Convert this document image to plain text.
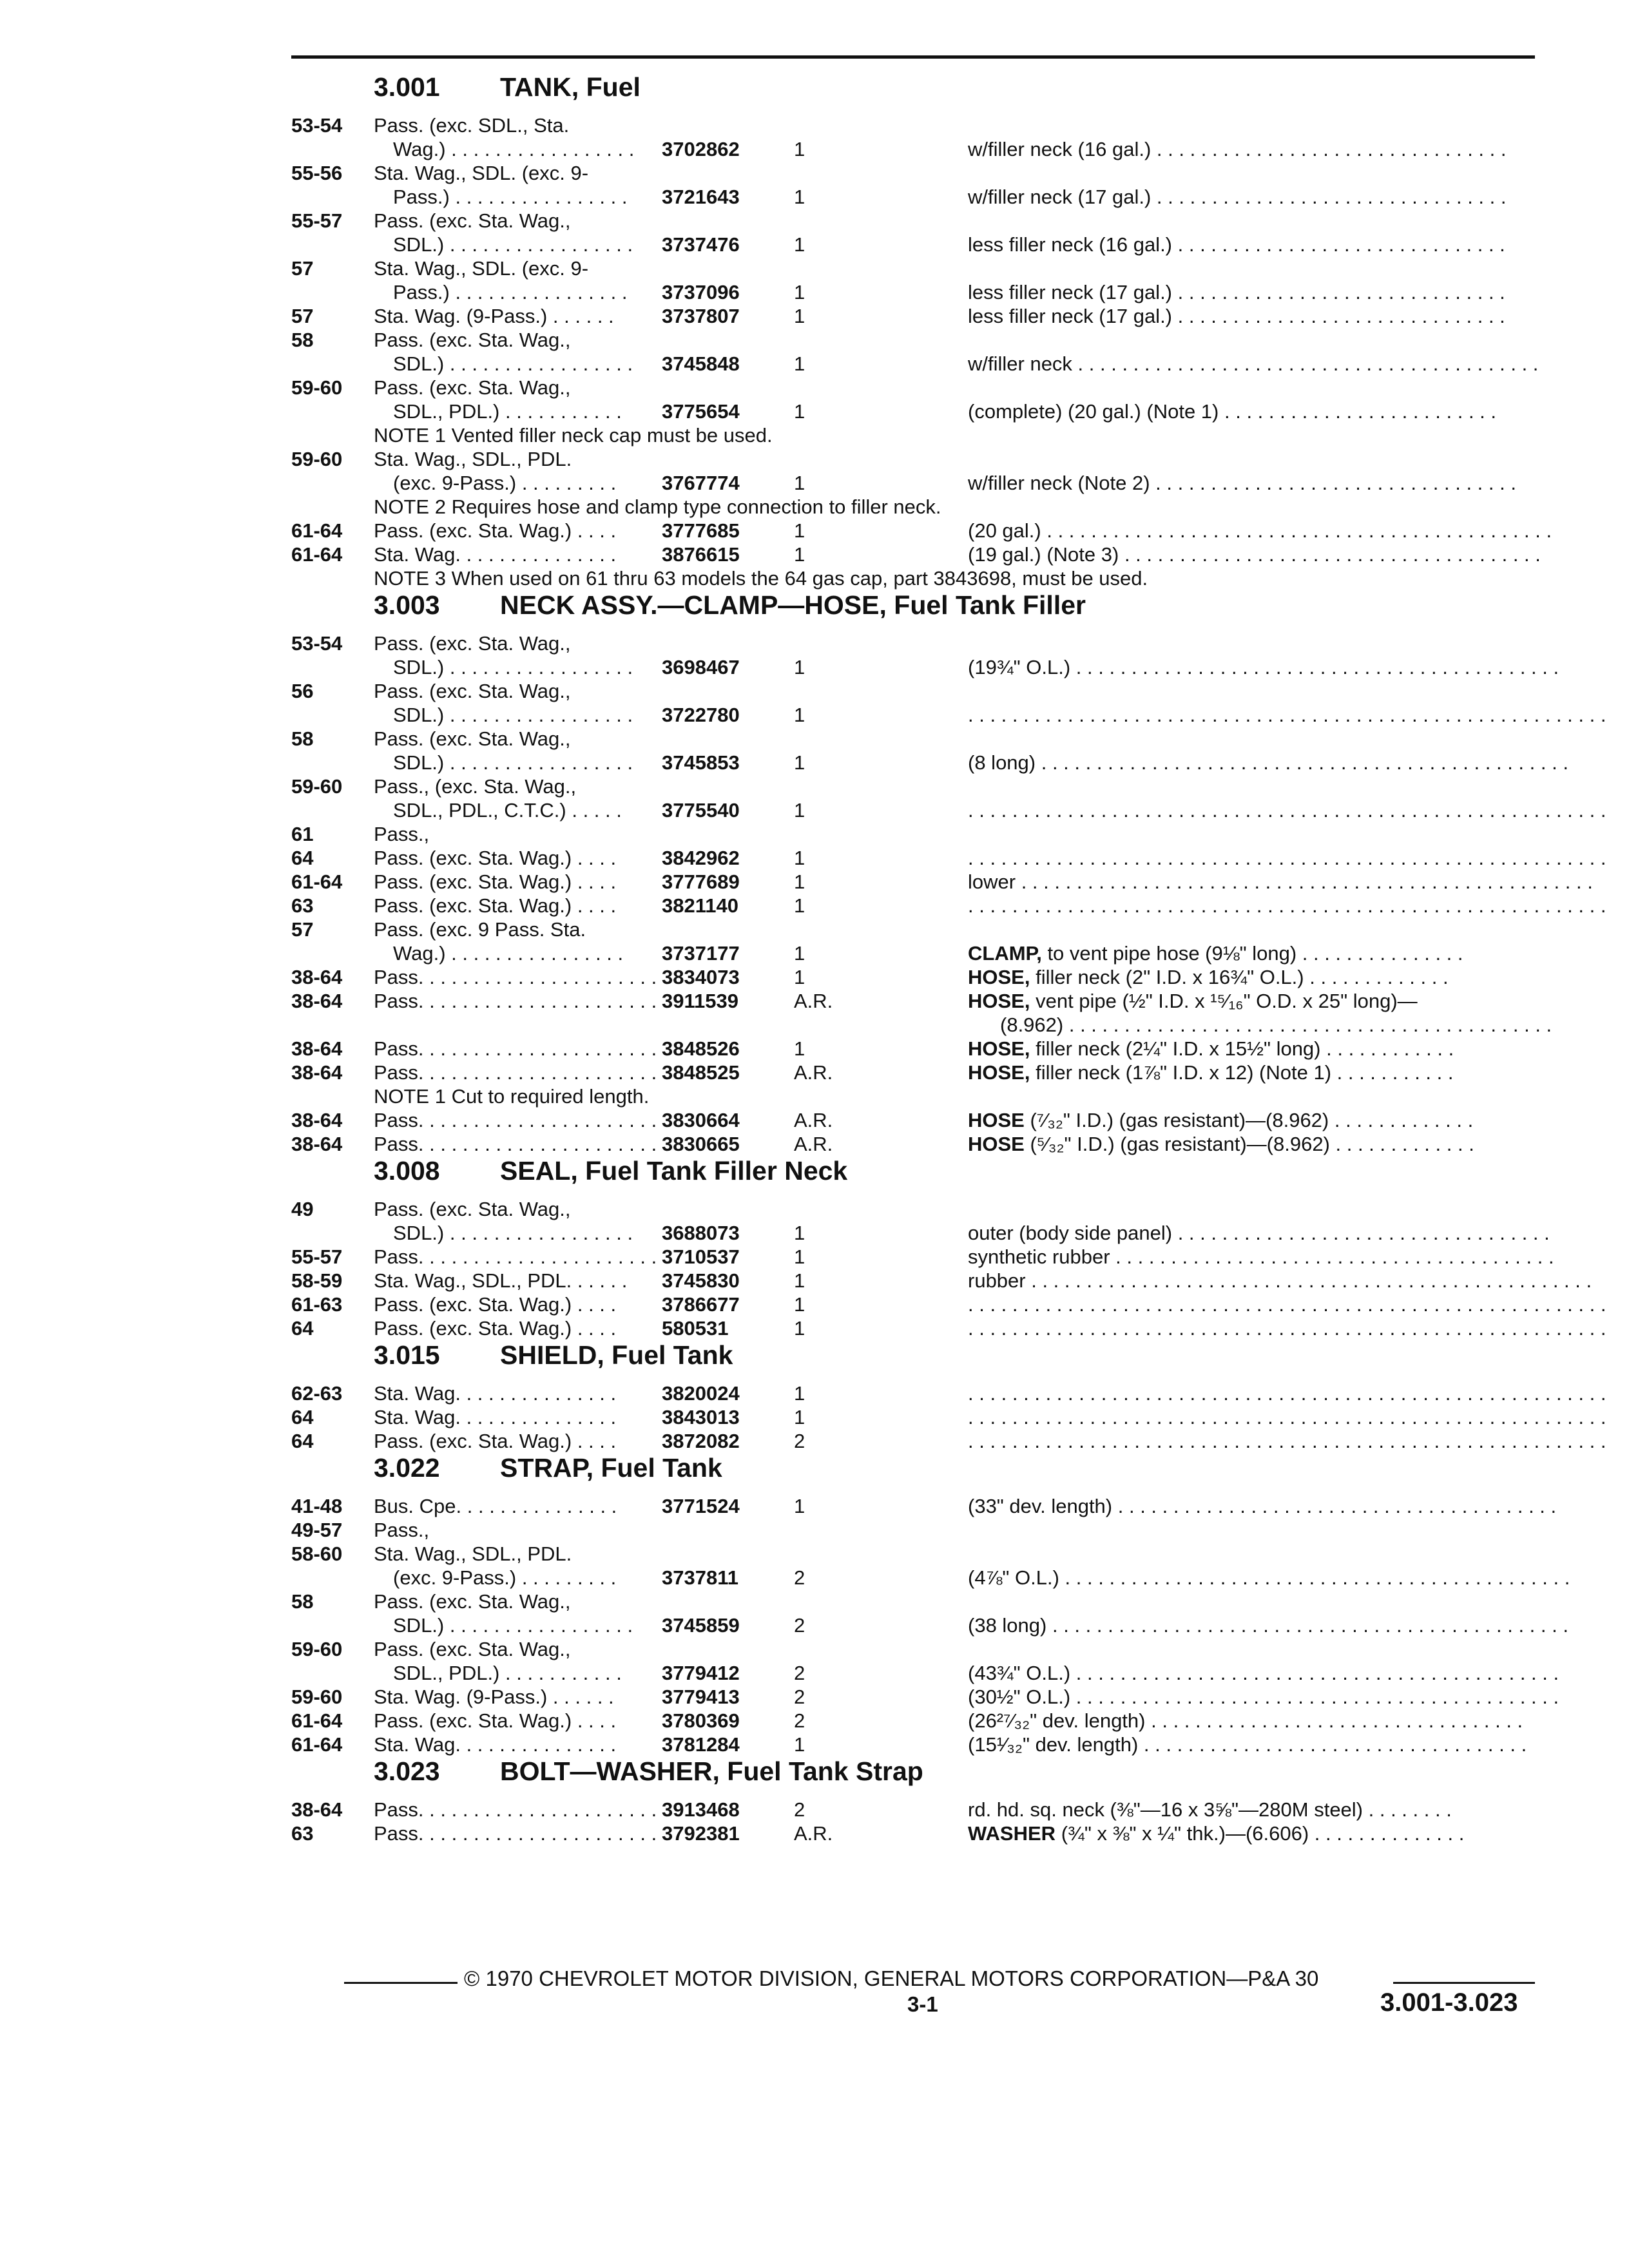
3.001	TANK, Fuel
53-54 Pass. (exc. SDL., Sta.
Wag.) . . . . . . . . . . . . . . . . . 3702862	1	w/filler neck (16 gal.) . . . . . . . . . . . . . . . . . . . . . . . . . . . . . . . .
55-56 Sta. Wag., SDL. (exc. 9-
Pass.) . . . . . . . . . . . . . . . . 3721643	1	w/filler neck (17 gal.) . . . . . . . . . . . . . . . . . . . . . . . . . . . . . . . .
55-57 Pass. (exc. Sta. Wag.,
SDL.) . . . . . . . . . . . . . . . . . 3737476	1	less filler neck (16 gal.) . . . . . . . . . . . . . . . . . . . . . . . . . . . . . .
57	Sta. Wag., SDL. (exc. 9-
Pass.) . . . . . . . . . . . . . . . . 3737096	1	less filler neck (17 gal.) . . . . . . . . . . . . . . . . . . . . . . . . . . . . . .
57	Sta. Wag. (9-Pass.) . . . . . . 3737807	1	less filler neck (17 gal.) . . . . . . . . . . . . . . . . . . . . . . . . . . . . . .
58	Pass. (exc. Sta. Wag.,
SDL.) . . . . . . . . . . . . . . . . . 3745848	1	w/filler neck . . . . . . . . . . . . . . . . . . . . . . . . . . . . . . . . . . . . . . . . . .
59-60 Pass. (exc. Sta. Wag.,
SDL., PDL.) . . . . . . . . . . . 3775654	1	(complete) (20 gal.) (Note 1) . . . . . . . . . . . . . . . . . . . . . . . . .
NOTE 1 Vented filler neck cap must be used.
59-60 Sta. Wag., SDL., PDL.
(exc. 9-Pass.) . . . . . . . . . 3767774	1	w/filler neck (Note 2) . . . . . . . . . . . . . . . . . . . . . . . . . . . . . . . . .
NOTE 2 Requires hose and clamp type connection to filler neck.
61-64 Pass. (exc. Sta. Wag.) . . . . 3777685	1	(20 gal.) . . . . . . . . . . . . . . . . . . . . . . . . . . . . . . . . . . . . . . . . . . . . . .
61-64 Sta. Wag. . . . . . . . . . . . . . . 3876615	1	(19 gal.) (Note 3) . . . . . . . . . . . . . . . . . . . . . . . . . . . . . . . . . . . . . .
NOTE 3 When used on 61 thru 63 models the 64 gas cap, part 3843698, must be used.
3.003	NECK ASSY.—CLAMP—HOSE, Fuel Tank Filler
53-54 Pass. (exc. Sta. Wag.,
SDL.) . . . . . . . . . . . . . . . . . 3698467	1	(19¾" O.L.) . . . . . . . . . . . . . . . . . . . . . . . . . . . . . . . . . . . . . . . . . . . .
56	Pass. (exc. Sta. Wag.,
SDL.) . . . . . . . . . . . . . . . . . 3722780	1	. . . . . . . . . . . . . . . . . . . . . . . . . . . . . . . . . . . . . . . . . . . . . . . . . . . . . . . . . .
58	Pass. (exc. Sta. Wag.,
SDL.) . . . . . . . . . . . . . . . . . 3745853	1	(8 long) . . . . . . . . . . . . . . . . . . . . . . . . . . . . . . . . . . . . . . . . . . . . . . . .
59-60 Pass., (exc. Sta. Wag.,
SDL., PDL., C.T.C.) . . . . . 3775540	1	. . . . . . . . . . . . . . . . . . . . . . . . . . . . . . . . . . . . . . . . . . . . . . . . . . . . . . . . . .
61	Pass.,
64	Pass. (exc. Sta. Wag.) . . . . 3842962	1	. . . . . . . . . . . . . . . . . . . . . . . . . . . . . . . . . . . . . . . . . . . . . . . . . . . . . . . . . .
61-64 Pass. (exc. Sta. Wag.) . . . . 3777689	1	lower . . . . . . . . . . . . . . . . . . . . . . . . . . . . . . . . . . . . . . . . . . . . . . . . . . . .
63	Pass. (exc. Sta. Wag.) . . . . 3821140	1	. . . . . . . . . . . . . . . . . . . . . . . . . . . . . . . . . . . . . . . . . . . . . . . . . . . . . . . . . .
57	Pass. (exc. 9 Pass. Sta.
Wag.) . . . . . . . . . . . . . . . . 3737177	1	CLAMP, to vent pipe hose (9⅛" long) . . . . . . . . . . . . . . .
38-64 Pass. . . . . . . . . . . . . . . . . . . . . . 3834073	1	HOSE, filler neck (2" I.D. x 16¾" O.L.) . . . . . . . . . . . . .
38-64 Pass. . . . . . . . . . . . . . . . . . . . . . 3911539	A.R.	HOSE, vent pipe (½" I.D. x ¹⁵⁄₁₆" O.D. x 25" long)—
(8.962) . . . . . . . . . . . . . . . . . . . . . . . . . . . . . . . . . . . . . . . . . . . .
38-64 Pass. . . . . . . . . . . . . . . . . . . . . . 3848526	1	HOSE, filler neck (2¼" I.D. x 15½" long) . . . . . . . . . . . .
38-64 Pass. . . . . . . . . . . . . . . . . . . . . . 3848525	A.R.	HOSE, filler neck (1⅞" I.D. x 12) (Note 1) . . . . . . . . . . .
NOTE 1 Cut to required length.
38-64 Pass. . . . . . . . . . . . . . . . . . . . . . 3830664	A.R.	HOSE (⁷⁄₃₂" I.D.) (gas resistant)—(8.962) . . . . . . . . . . . . .
38-64 Pass. . . . . . . . . . . . . . . . . . . . . . 3830665	A.R.	HOSE (⁵⁄₃₂" I.D.) (gas resistant)—(8.962) . . . . . . . . . . . . .
3.008	SEAL, Fuel Tank Filler Neck
49	Pass. (exc. Sta. Wag.,
SDL.) . . . . . . . . . . . . . . . . . 3688073	1	outer (body side panel) . . . . . . . . . . . . . . . . . . . . . . . . . . . . . . . . . .
55-57 Pass. . . . . . . . . . . . . . . . . . . . . . 3710537	1	synthetic rubber . . . . . . . . . . . . . . . . . . . . . . . . . . . . . . . . . . . . . . . .
58-59 Sta. Wag., SDL., PDL. . . . . . 3745830	1	rubber . . . . . . . . . . . . . . . . . . . . . . . . . . . . . . . . . . . . . . . . . . . . . . . . . . .
61-63 Pass. (exc. Sta. Wag.) . . . . 3786677	1	. . . . . . . . . . . . . . . . . . . . . . . . . . . . . . . . . . . . . . . . . . . . . . . . . . . . . . . . . .
64	Pass. (exc. Sta. Wag.) . . . . 580531	1	. . . . . . . . . . . . . . . . . . . . . . . . . . . . . . . . . . . . . . . . . . . . . . . . . . . . . . . . . .
3.015	SHIELD, Fuel Tank
62-63 Sta. Wag. . . . . . . . . . . . . . . 3820024	1	. . . . . . . . . . . . . . . . . . . . . . . . . . . . . . . . . . . . . . . . . . . . . . . . . . . . . . . . . .
64	Sta. Wag. . . . . . . . . . . . . . . 3843013	1	. . . . . . . . . . . . . . . . . . . . . . . . . . . . . . . . . . . . . . . . . . . . . . . . . . . . . . . . . .
64	Pass. (exc. Sta. Wag.) . . . . 3872082	2	. . . . . . . . . . . . . . . . . . . . . . . . . . . . . . . . . . . . . . . . . . . . . . . . . . . . . . . . . .
3.022	STRAP, Fuel Tank
41-48 Bus. Cpe. . . . . . . . . . . . . . . 3771524	1	(33" dev. length) . . . . . . . . . . . . . . . . . . . . . . . . . . . . . . . . . . . . . . . .
49-57 Pass.,
58-60 Sta. Wag., SDL., PDL.
(exc. 9-Pass.) . . . . . . . . . 3737811	2	(4⅞" O.L.) . . . . . . . . . . . . . . . . . . . . . . . . . . . . . . . . . . . . . . . . . . . . . .
58	Pass. (exc. Sta. Wag.,
SDL.) . . . . . . . . . . . . . . . . . 3745859	2	(38 long) . . . . . . . . . . . . . . . . . . . . . . . . . . . . . . . . . . . . . . . . . . . . . . .
59-60 Pass. (exc. Sta. Wag.,
SDL., PDL.) . . . . . . . . . . . 3779412	2	(43¾" O.L.) . . . . . . . . . . . . . . . . . . . . . . . . . . . . . . . . . . . . . . . . . . . .
59-60 Sta. Wag. (9-Pass.) . . . . . . 3779413	2	(30½" O.L.) . . . . . . . . . . . . . . . . . . . . . . . . . . . . . . . . . . . . . . . . . . . .
61-64 Pass. (exc. Sta. Wag.) . . . . 3780369	2	(26²⁷⁄₃₂" dev. length) . . . . . . . . . . . . . . . . . . . . . . . . . . . . . . . . . .
61-64 Sta. Wag. . . . . . . . . . . . . . . 3781284	1	(15¹⁄₃₂" dev. length) . . . . . . . . . . . . . . . . . . . . . . . . . . . . . . . . . . .
3.023	BOLT—WASHER, Fuel Tank Strap
38-64 Pass. . . . . . . . . . . . . . . . . . . . . . 3913468	2	rd. hd. sq. neck (⅜"—16 x 3⅝"—280M steel) . . . . . . . .
63	Pass. . . . . . . . . . . . . . . . . . . . . . 3792381	A.R.	WASHER (¾" x ⅜" x ¼" thk.)—(6.606) . . . . . . . . . . . . . .
© 1970 CHEVROLET MOTOR DIVISION, GENERAL MOTORS CORPORATION—P&A 30
3-1	3.001-3.023
